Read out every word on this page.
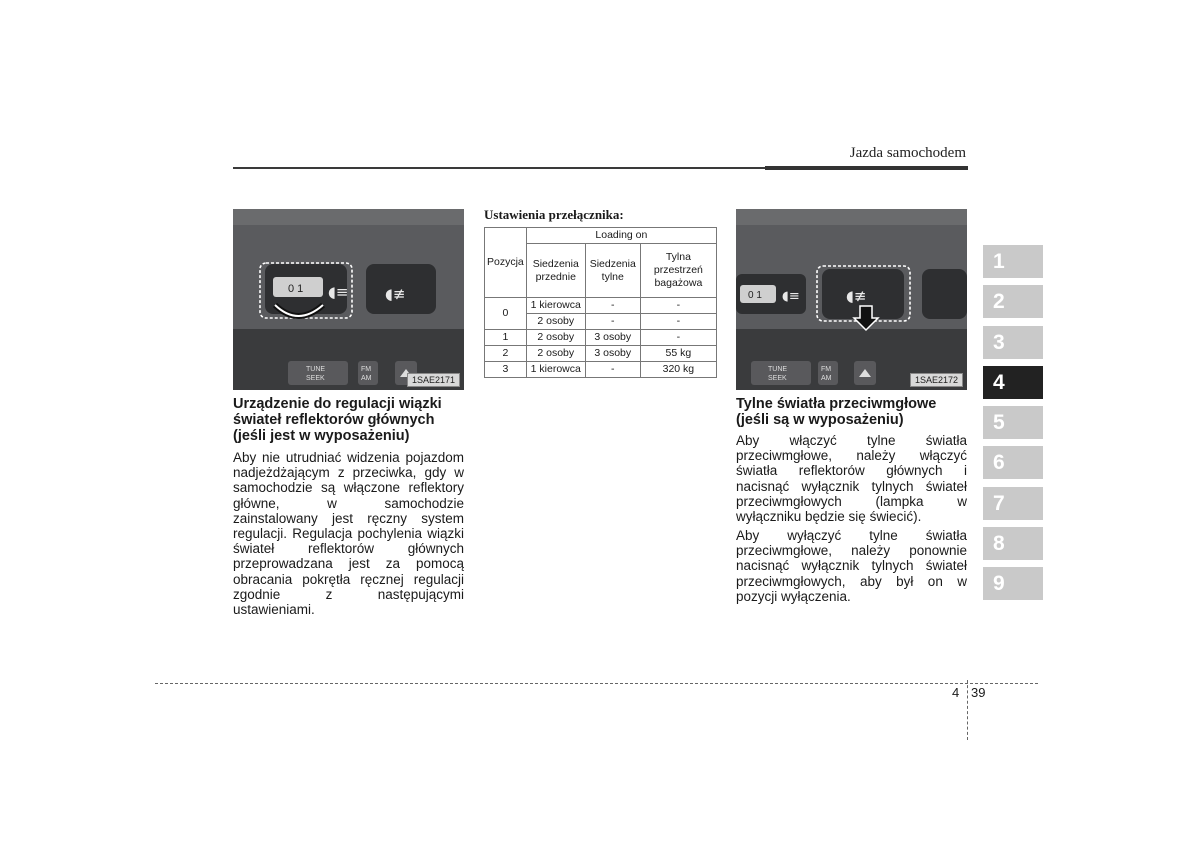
Jazda samochodem
0 1 ◖≡ ◖≢
TUNE
SEEK
FM
AM	1SAE2171
Urządzenie do regulacji wiązki świateł reflektorów głównych (jeśli jest w wyposażeniu)
Aby nie utrudniać widzenia pojazdom nadjeżdżającym z przeciwka, gdy w samochodzie są włączone reflektory główne, w samochodzie zainstalowany jest ręczny system regulacji. Regulacja pochylenia wiązki świateł reflektorów głównych przeprowadzana jest za pomocą obracania pokrętła ręcznej regulacji zgodnie z następującymi ustawieniami.
Ustawienia przełącznika:
Pozycja	Loading on		
	Siedzenia przednie	Siedzenia tylne	Tylna przestrzeń bagażowa
0	1 kierowca	-	-
	2 osoby	-	-
1	2 osoby	3 osoby	-
2	2 osoby	3 osoby	55 kg
3	1 kierowca	-	320 kg
0 1 ◖≡	◖≢
TUNE
SEEK
FM
AM	1SAE2172
Tylne światła przeciwmgłowe (jeśli są w wyposażeniu)
Aby włączyć tylne światła przeciwmgłowe, należy włączyć światła reflektorów głównych i nacisnąć wyłącznik tylnych świateł przeciwmgłowych (lampka w wyłączniku będzie się świecić).
Aby wyłączyć tylne światła przeciwmgłowe, należy ponownie nacisnąć wyłącznik tylnych świateł przeciwmgłowych, aby był on w pozycji wyłączenia.
1
2
3
4
5
6
7
8
9
4 39
